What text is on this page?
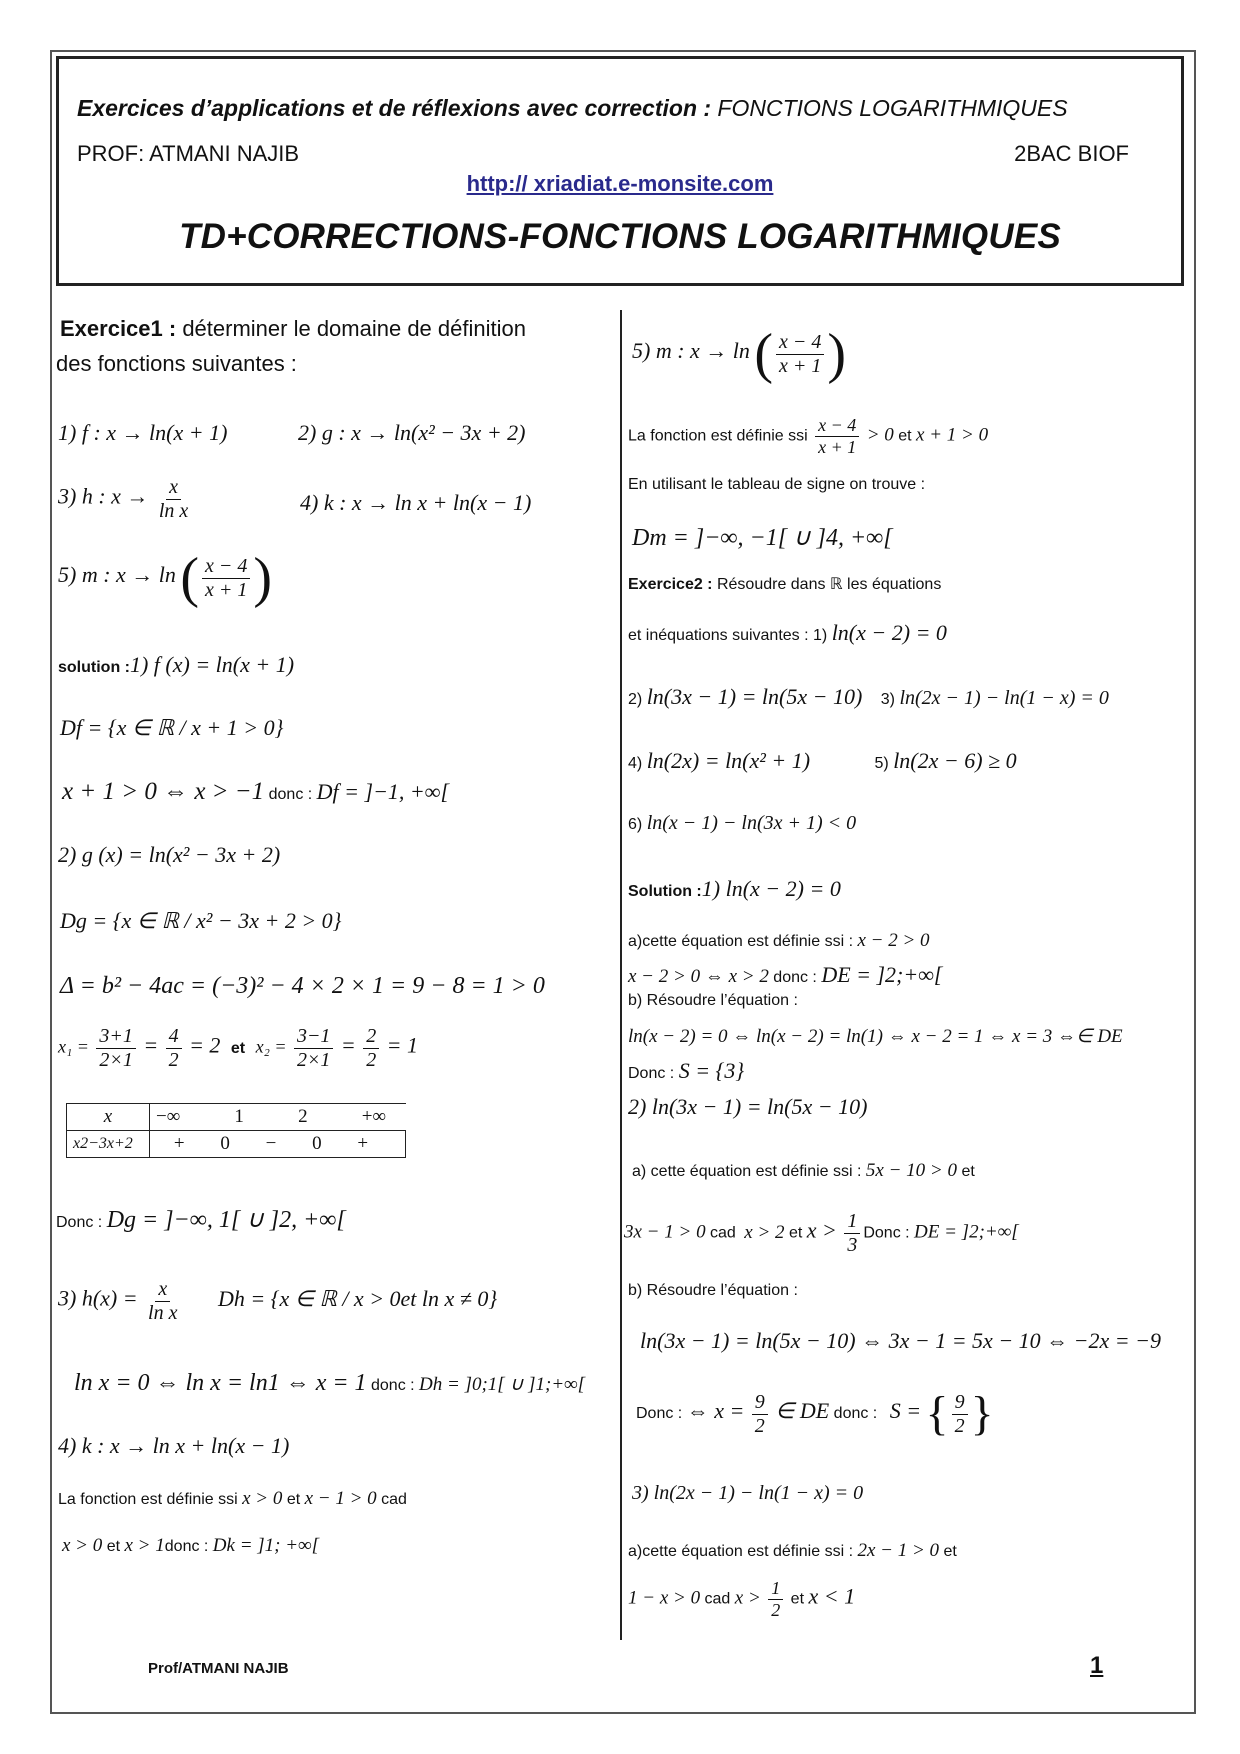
Exercices d’applications et de réflexions avec correction : FONCTIONS LOGARITHMIQUES
PROF: ATMANI NAJIB	2BAC BIOF
http:// xriadiat.e-monsite.com
TD+CORRECTIONS-FONCTIONS LOGARITHMIQUES
Exercice1 : déterminer le domaine de définition
des fonctions suivantes :
1) f : x → ln(x + 1)	2) g : x → ln(x² − 3x + 2)
3) h : $x \to \frac{x}{\text{ln x}}$	4) k : x → ln x + ln(x − 1)
5) m : x → ln ( $\frac{x - 4}{x + 1}$ )
solution :1) f (x) = ln(x + 1)
Df = {x ∈ ℝ / x + 1 > 0}
x + 1 > 0 ⇔ x > −1 donc : Df = ]−1, +∞[
2) g (x) = ln(x² − 3x + 2)
Dg = {x ∈ ℝ / x² − 3x + 2 > 0}
Δ = b² − 4ac = (−3)² − 4 × 2 × 1 = 9 − 8 = 1 > 0
$x_1 = \frac{3+1}{2\times 1} = \frac{4}{2} = 2$ et $x_2 = \frac{3-1}{2\times 1} = \frac{2}{2} = 1$
x	−∞ 1 2 +∞

x2−3x+2	+ 0 − 0 +
Donc : Dg = ]−∞, 1[ ∪ ]2, +∞[
3) $h(x) = \frac{x}{\text{ln x}}$ Dh = {x ∈ ℝ / x > 0et ln x ≠ 0}
ln x = 0 ⇔ ln x = ln1 ⇔ x = 1 donc : Dh = ]0;1[ ∪ ]1;+∞[
4) k : x → ln x + ln(x − 1)
La fonction est définie ssi x > 0 et x − 1 > 0 cad
x > 0 et x > 1donc : Dk = ]1; +∞[
5) m : x → ln ( $\frac{x - 4}{x + 1}$ )
La fonction est définie ssi $\frac{x - 4}{x + 1} > 0$ et x + 1 > 0
En utilisant le tableau de signe on trouve :
Dm = ]−∞, −1[ ∪ ]4, +∞[
Exercice2 : Résoudre dans ℝ les équations
et inéquations suivantes : 1) ln(x − 2) = 0
2) ln(3x − 1) = ln(5x − 10) 3) ln(2x − 1) − ln(1 − x) = 0
4) ln(2x) = ln(x² + 1)	5) ln(2x − 6) ≥ 0
6) ln(x − 1) − ln(3x + 1) < 0
Solution :1) ln(x − 2) = 0
a)cette équation est définie ssi : x − 2 > 0
x − 2 > 0 ⇔ x > 2 donc : DE = ]2;+∞[
b) Résoudre l’équation :
ln(x − 2) = 0 ⇔ ln(x − 2) = ln(1) ⇔ x − 2 = 1 ⇔ x = 3 ⇔∈ DE
Donc : S = {3}
2) ln(3x − 1) = ln(5x − 10)
a) cette équation est définie ssi : 5x − 10 > 0 et
3x − 1 > 0 cad x > 2 et $x > \frac{1}{3}$ Donc : DE = ]2;+∞[
b) Résoudre l’équation :
ln(3x − 1) = ln(5x − 10) ⇔ 3x − 1 = 5x − 10 ⇔ −2x = −9
Donc : ⇔ $x = \frac{9}{2}$ ∈ DE donc : S = { $\frac{9}{2}$ }
3) ln(2x − 1) − ln(1 − x) = 0
a)cette équation est définie ssi : 2x − 1 > 0 et
1 − x > 0 cad $x > \frac{1}{2}$ et x < 1
Prof/ATMANI NAJIB	1
